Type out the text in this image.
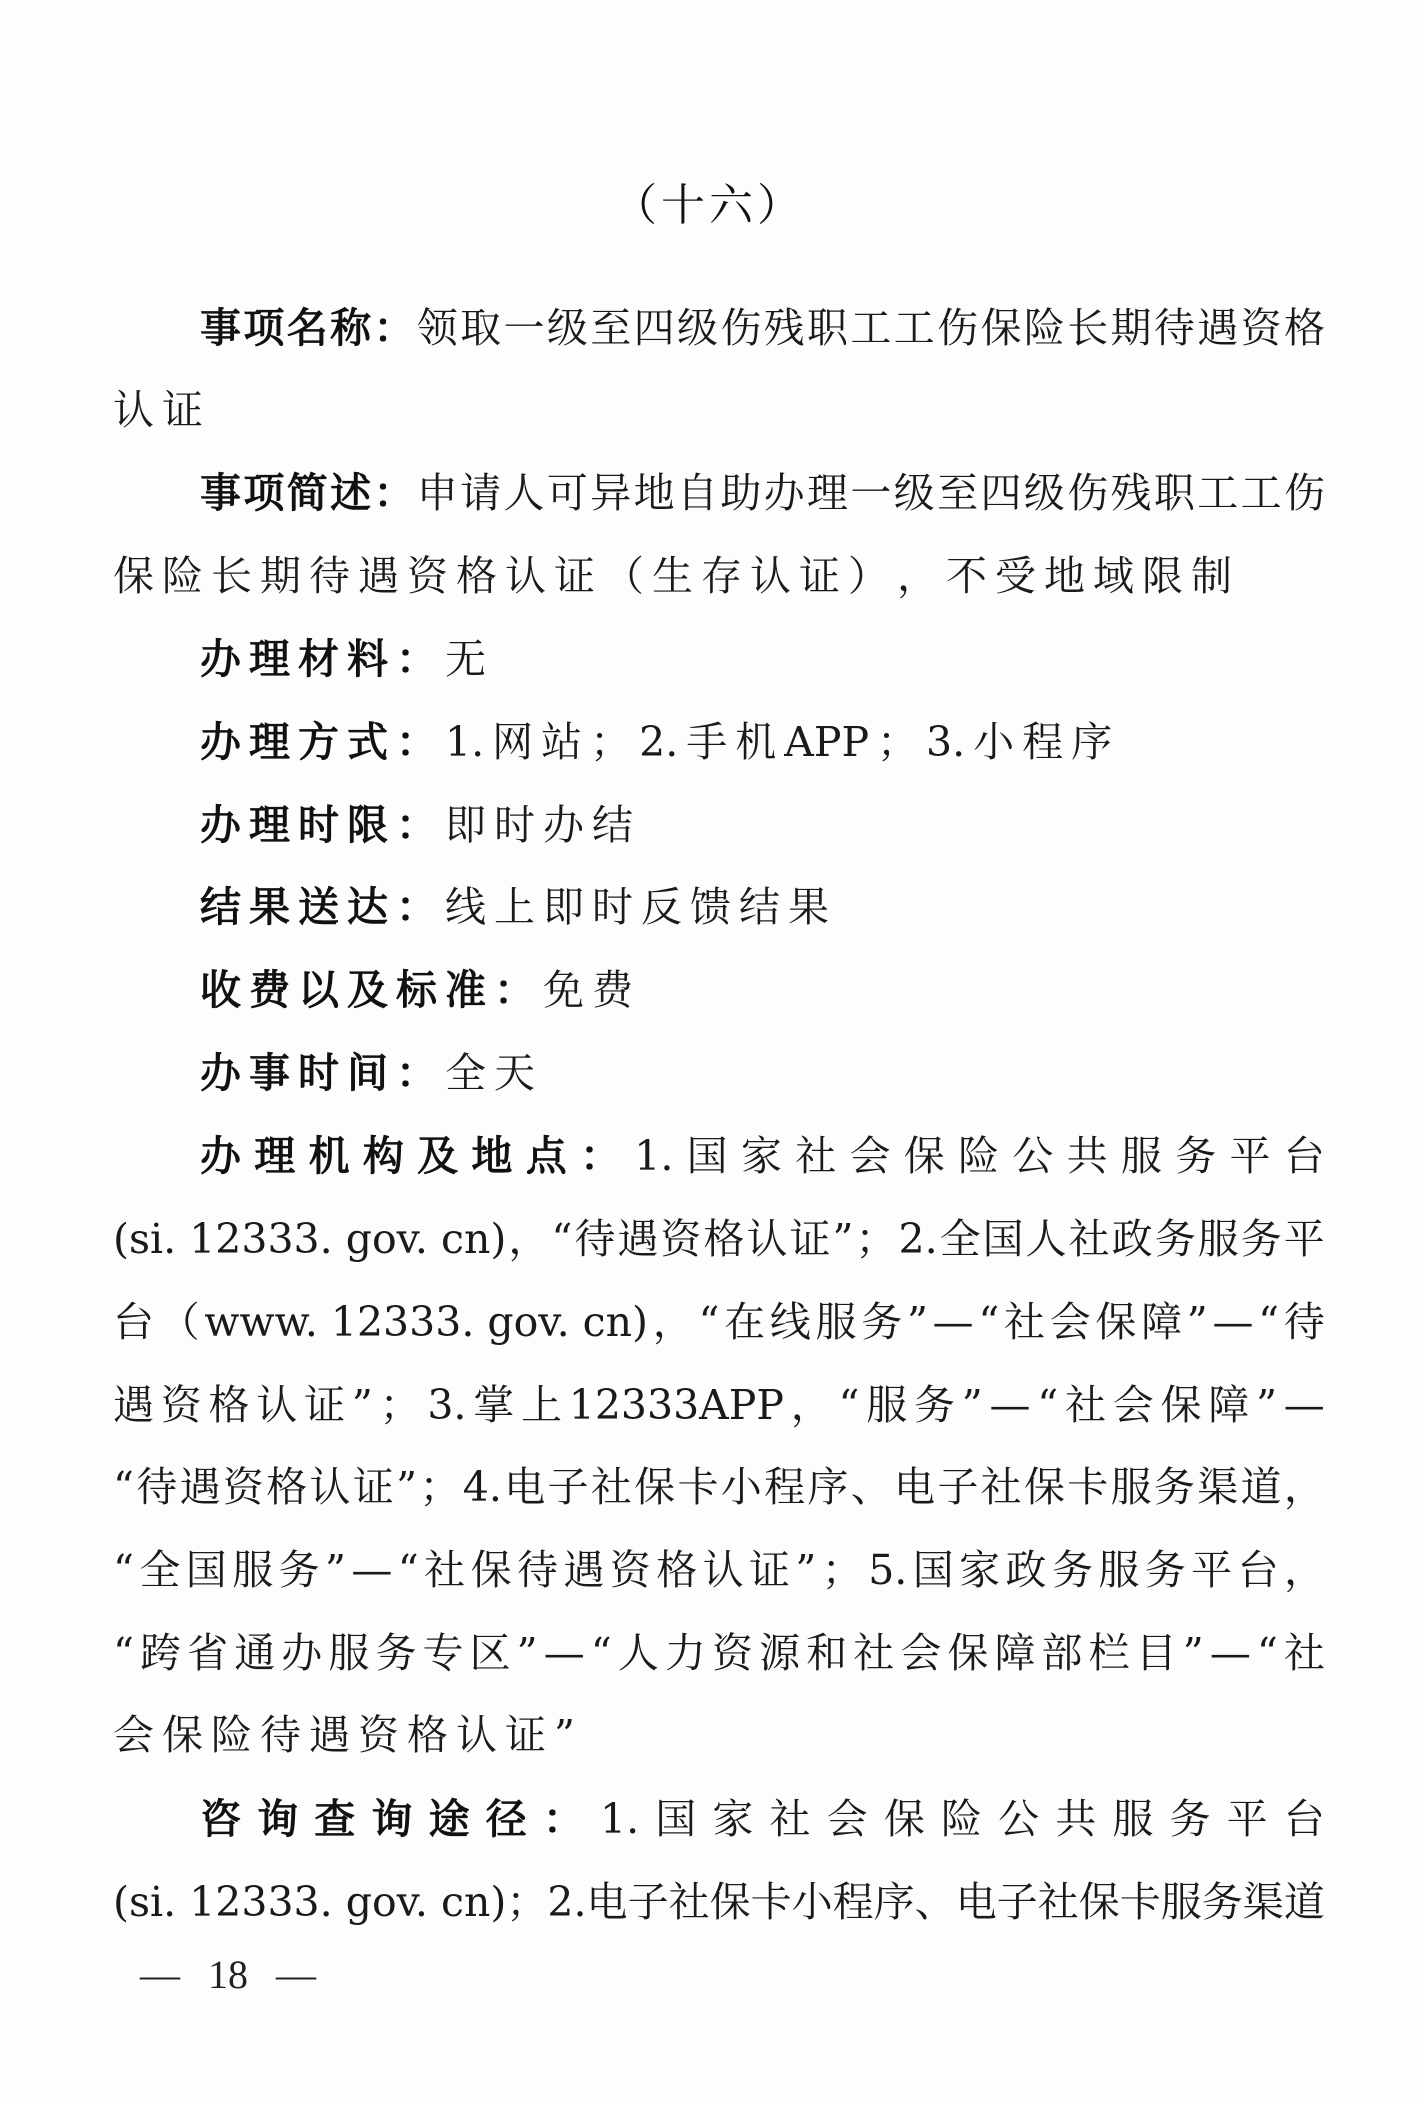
（十六）
事 项 名 称 ： 领 取 一 级 至 四 级 伤 残 职 工 工 伤 保 险 长 期 待 遇 资 格
认 证
事 项 简 述 ： 申 请 人 可 异 地 自 助 办 理 一 级 至 四 级 伤 残 职 工 工 伤
保 险 长 期 待 遇 资 格 认 证 （ 生 存 认 证 ） ， 不 受 地 域 限 制
办 理 材 料 ： 无
办 理 方 式 ： 1. 网 站 ； 2. 手 机 APP ； 3. 小 程 序
办 理 时 限 ： 即 时 办 结
结 果 送 达 ： 线 上 即 时 反 馈 结 果
收 费 以 及 标 准 ： 免 费
办 事 时 间 ： 全 天
办 理 机 构 及 地 点 ： 1. 国 家 社 会 保 险 公 共 服 务 平 台
(si. 12333. gov. cn) ， “ 待 遇 资 格 认 证 ” ； 2. 全 国 人 社 政 务 服 务 平
台 （ www. 12333. gov. cn) ， “ 在 线 服 务 ” — “ 社 会 保 障 ” — “ 待
遇 资 格 认 证 ” ； 3. 掌 上 12333APP ， “ 服 务 ” — “ 社 会 保 障 ” —
“ 待 遇 资 格 认 证 ” ； 4. 电 子 社 保 卡 小 程 序 、 电 子 社 保 卡 服 务 渠 道 ，
“ 全 国 服 务 ” — “ 社 保 待 遇 资 格 认 证 ” ； 5. 国 家 政 务 服 务 平 台 ，
“ 跨 省 通 办 服 务 专 区 ” — “ 人 力 资 源 和 社 会 保 障 部 栏 目 ” — “ 社
会 保 险 待 遇 资 格 认 证 ”
咨 询 查 询 途 径 ： 1. 国 家 社 会 保 险 公 共 服 务 平 台
(si. 12333. gov. cn) ； 2. 电 子 社 保 卡 小 程 序 、 电 子 社 保 卡 服 务 渠 道
— 18 —
